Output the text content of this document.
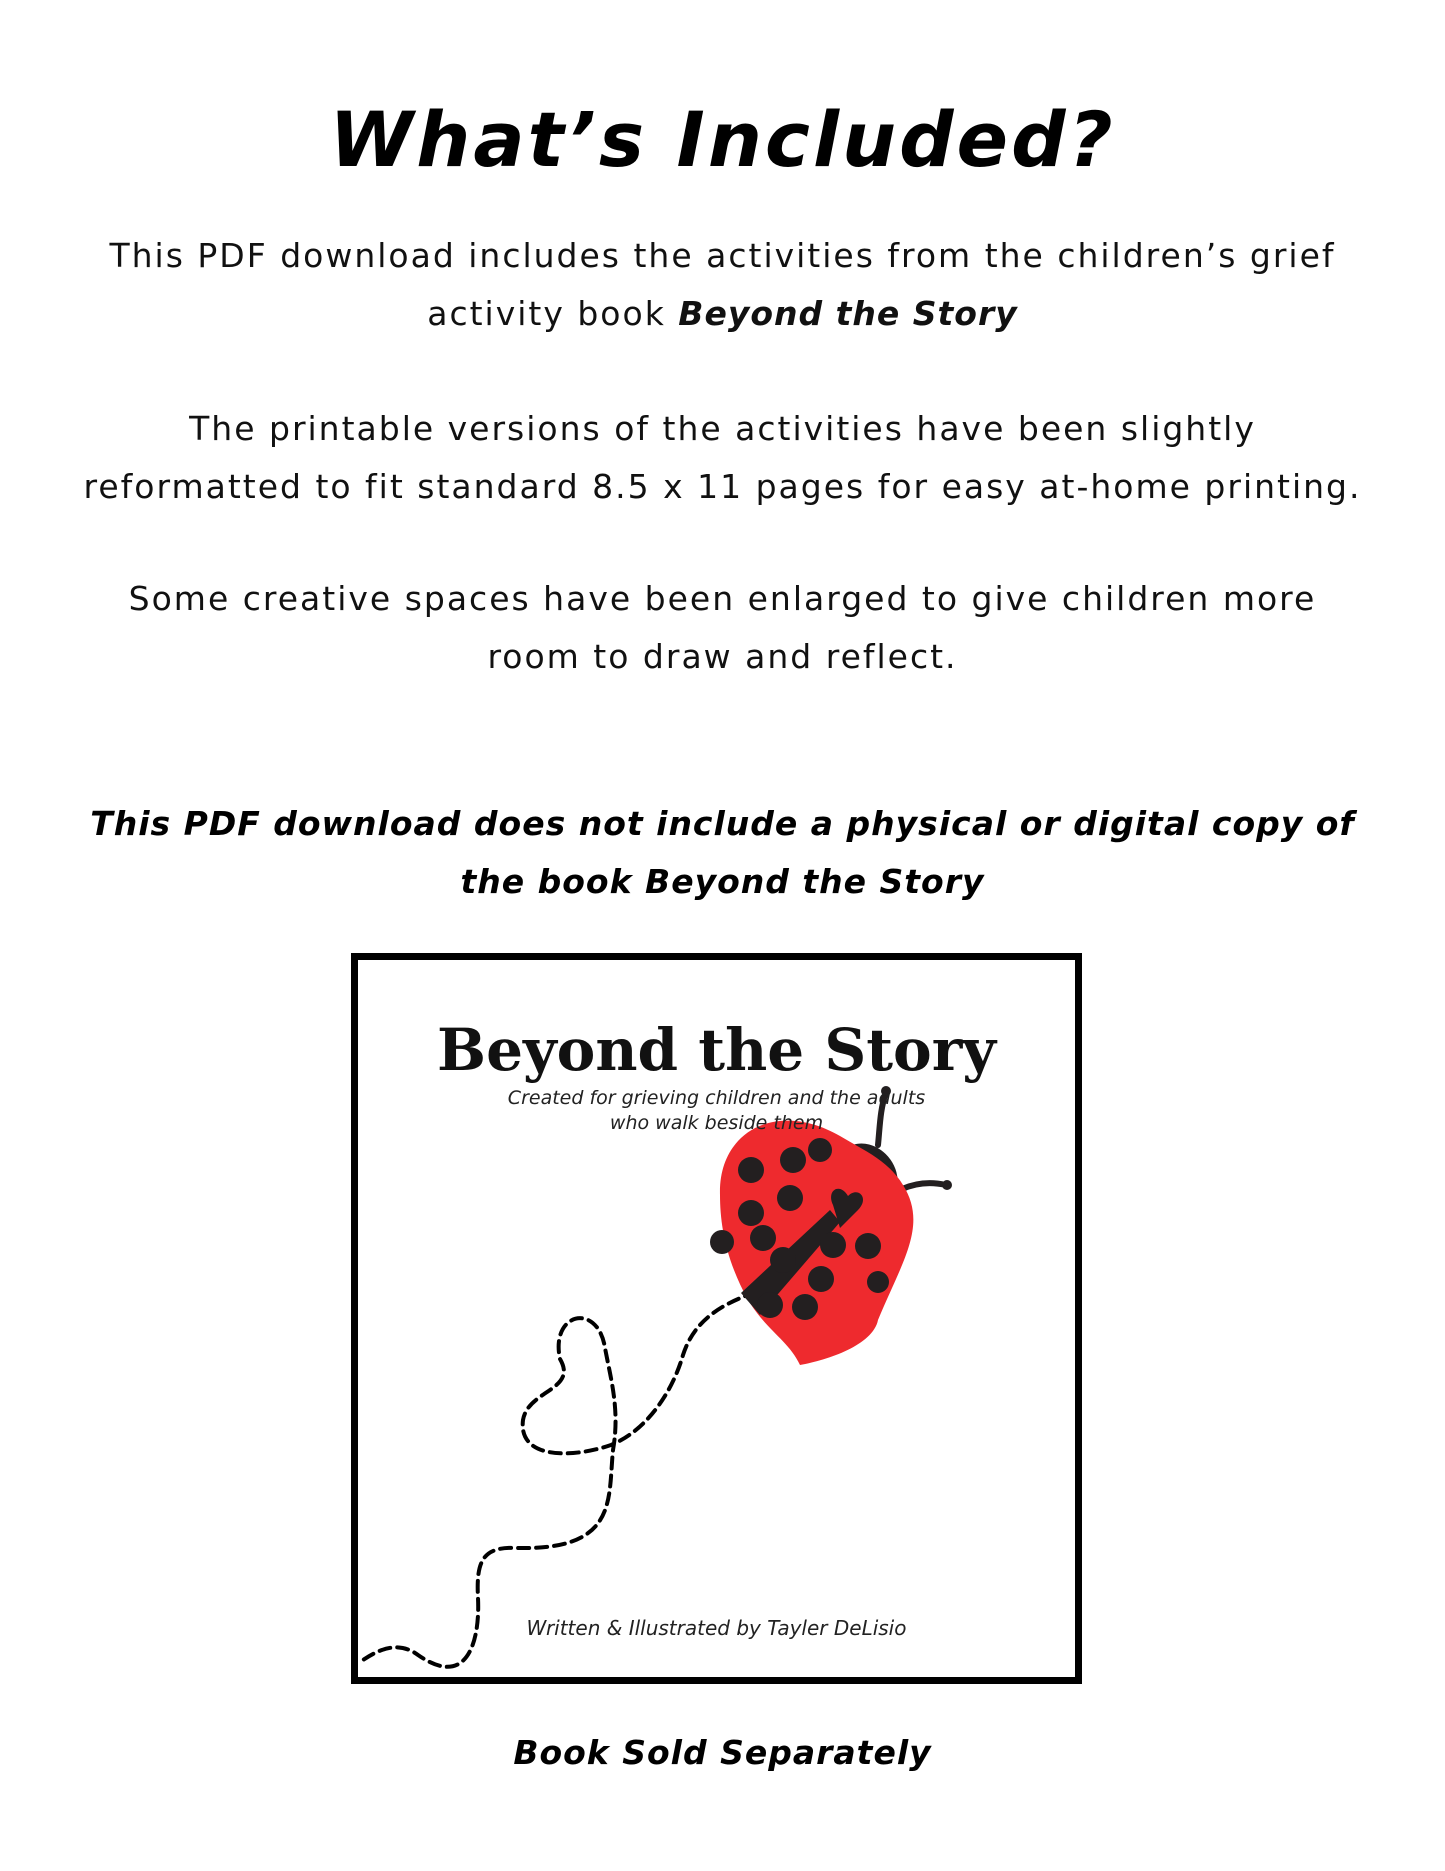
What’s Included?

This PDF download includes the activities from the children’s grief
activity book Beyond the Story

The printable versions of the activities have been slightly
reformatted to fit standard 8.5 x 11 pages for easy at-home printing.

Some creative spaces have been enlarged to give children more
room to draw and reflect.

This PDF download does not include a physical or digital copy of
the book Beyond the Story

Beyond the Story

Created for grieving children and the adults
who walk beside them

Written & Illustrated by Tayler DeLisio

Book Sold Separately
